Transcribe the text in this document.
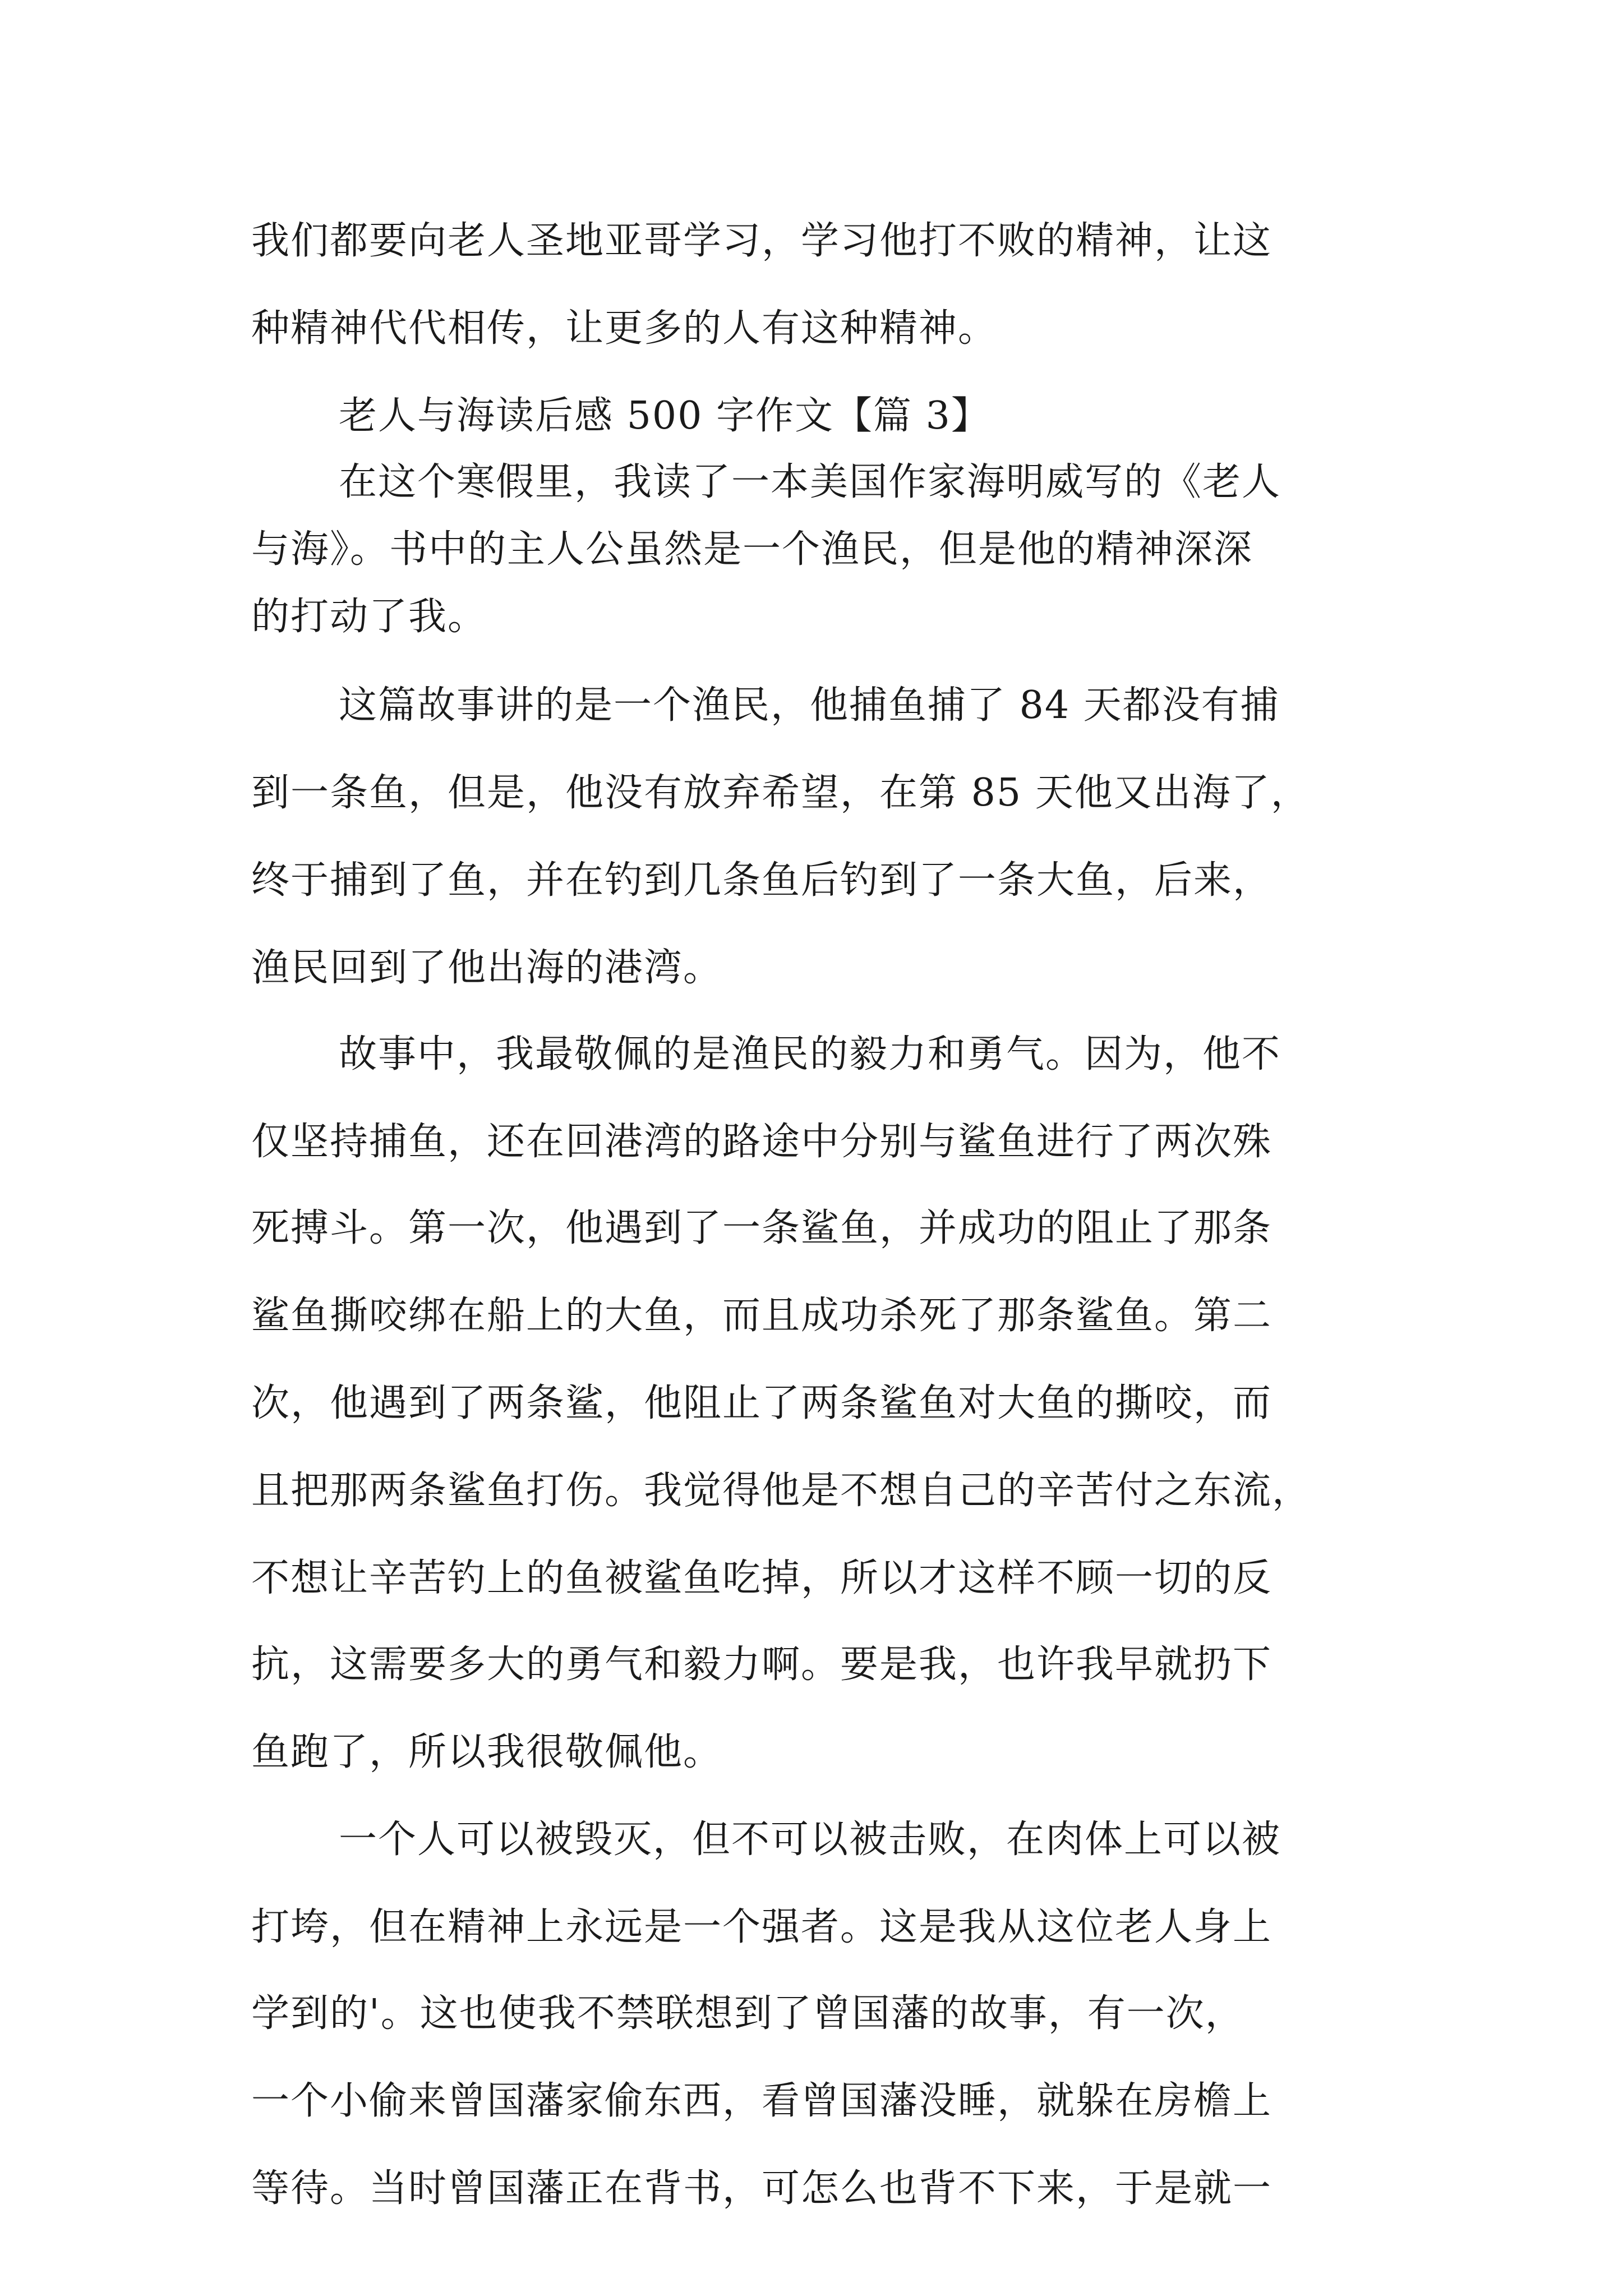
我们都要向老人圣地亚哥学习，学习他打不败的精神，让这
种精神代代相传，让更多的人有这种精神。
老人与海读后感 500 字作文【篇 3】
在这个寒假里，我读了一本美国作家海明威写的《老人
与海》。书中的主人公虽然是一个渔民，但是他的精神深深
的打动了我。
这篇故事讲的是一个渔民，他捕鱼捕了 84 天都没有捕
到一条鱼，但是，他没有放弃希望，在第 85 天他又出海了，
终于捕到了鱼，并在钓到几条鱼后钓到了一条大鱼，后来，
渔民回到了他出海的港湾。
故事中，我最敬佩的是渔民的毅力和勇气。因为，他不
仅坚持捕鱼，还在回港湾的路途中分别与鲨鱼进行了两次殊
死搏斗。第一次，他遇到了一条鲨鱼，并成功的阻止了那条
鲨鱼撕咬绑在船上的大鱼，而且成功杀死了那条鲨鱼。第二
次，他遇到了两条鲨，他阻止了两条鲨鱼对大鱼的撕咬，而
且把那两条鲨鱼打伤。我觉得他是不想自己的辛苦付之东流，
不想让辛苦钓上的鱼被鲨鱼吃掉，所以才这样不顾一切的反
抗，这需要多大的勇气和毅力啊。要是我，也许我早就扔下
鱼跑了，所以我很敬佩他。
一个人可以被毁灭，但不可以被击败，在肉体上可以被
打垮，但在精神上永远是一个强者。这是我从这位老人身上
学到的'。这也使我不禁联想到了曾国藩的故事，有一次，
一个小偷来曾国藩家偷东西，看曾国藩没睡，就躲在房檐上
等待。当时曾国藩正在背书，可怎么也背不下来，于是就一
